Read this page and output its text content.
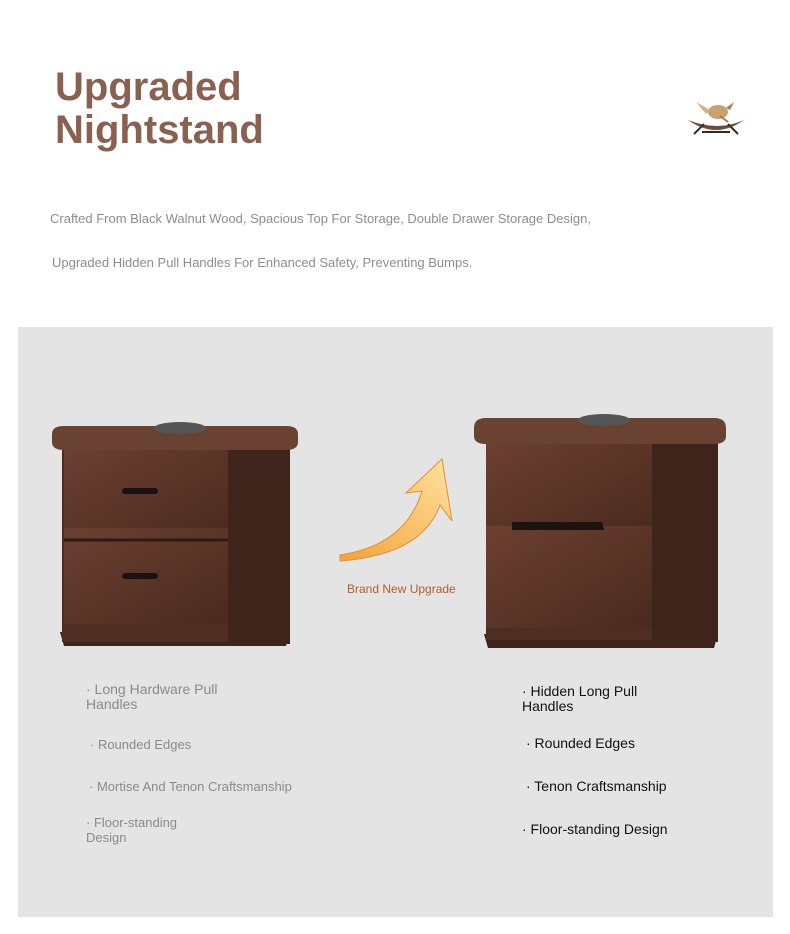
Upgraded
Nightstand
Crafted From Black Walnut Wood, Spacious Top For Storage, Double Drawer Storage Design,
Upgraded Hidden Pull Handles For Enhanced Safety, Preventing Bumps.
Brand New Upgrade
· Long Hardware Pull Handles
· Rounded Edges
· Mortise And Tenon Craftsmanship
· Floor-standing Design
· Hidden Long Pull Handles
· Rounded Edges
· Tenon Craftsmanship
· Floor-standing Design
